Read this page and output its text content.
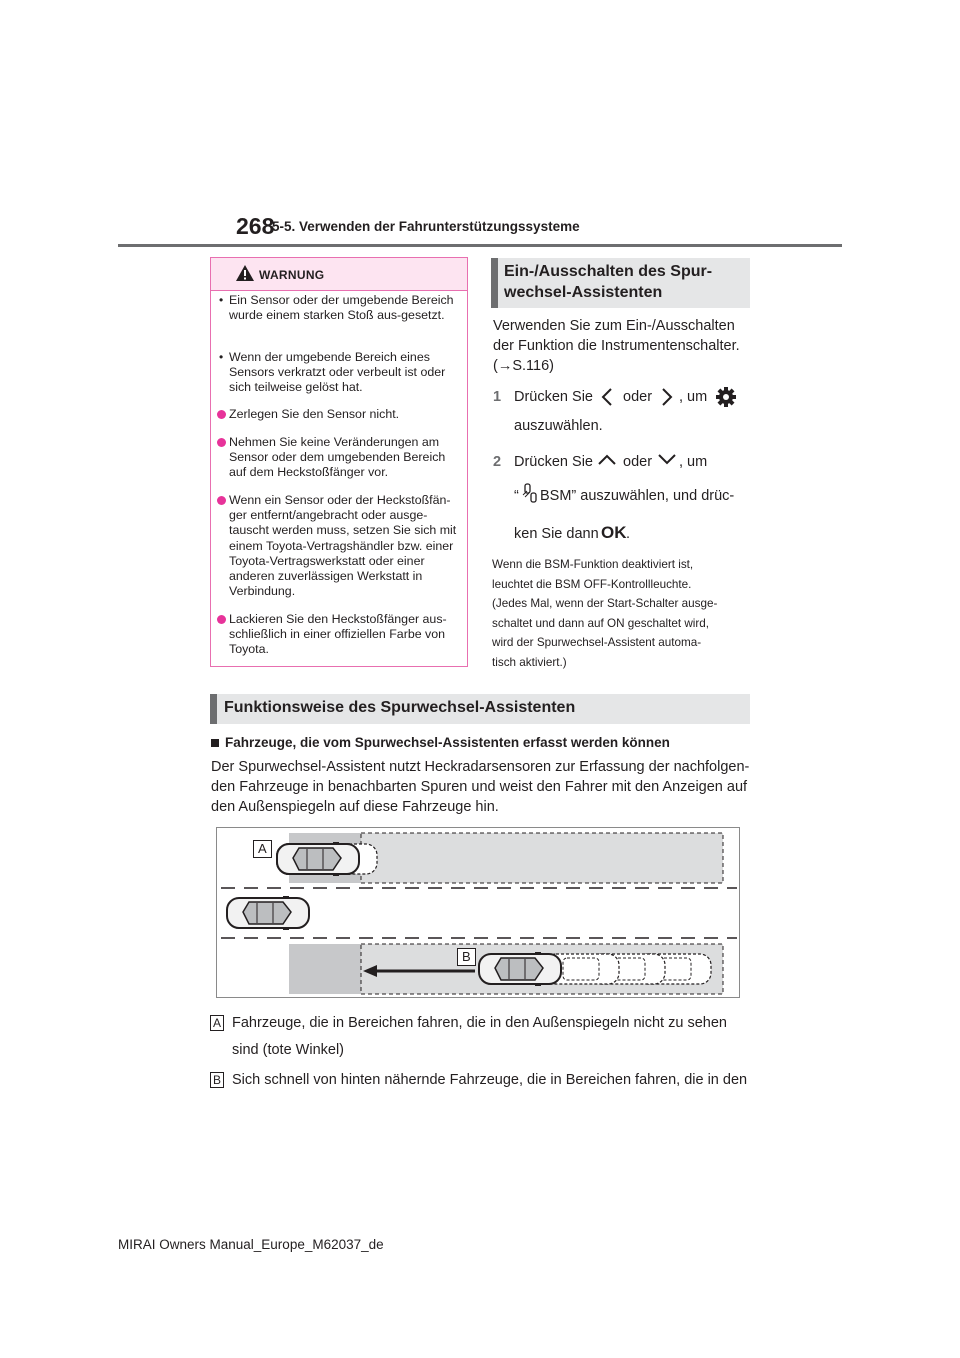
268
5-5. Verwenden der Fahrunterstützungssysteme
WARNUNG
• Ein Sensor oder der umgebende Bereich wurde einem starken Stoß aus-gesetzt.
• Wenn der umgebende Bereich eines Sensors verkratzt oder verbeult ist oder sich teilweise gelöst hat.
Zerlegen Sie den Sensor nicht.
Nehmen Sie keine Veränderungen am Sensor oder dem umgebenden Bereich auf dem Heckstoßfänger vor.
Wenn ein Sensor oder der Heckstoßfän-ger entfernt/angebracht oder ausge-tauscht werden muss, setzen Sie sich mit einem Toyota-Vertragshändler bzw. einer Toyota-Vertragswerkstatt oder einer anderen zuverlässigen Werkstatt in Verbindung.
Lackieren Sie den Heckstoßfänger aus-schließlich in einer offiziellen Farbe von Toyota.
Ein-/Ausschalten des Spur-
wechsel-Assistenten
Verwenden Sie zum Ein-/Ausschalten
der Funktion die Instrumentenschalter.
(→S.116)
1 Drücken Sie oder , um
auszuwählen.
2 Drücken Sie oder , um
“ BSM” auszuwählen, und drüc-
ken Sie dann OK .
Wenn die BSM-Funktion deaktiviert ist,
leuchtet die BSM OFF-Kontrollleuchte.
(Jedes Mal, wenn der Start-Schalter ausge-
schaltet und dann auf ON geschaltet wird,
wird der Spurwechsel-Assistent automa-
tisch aktiviert.)
Funktionsweise des Spurwechsel-Assistenten
Fahrzeuge, die vom Spurwechsel-Assistenten erfasst werden können
Der Spurwechsel-Assistent nutzt Heckradarsensoren zur Erfassung der nachfolgen-
den Fahrzeuge in benachbarten Spuren und weist den Fahrer mit den Anzeigen auf
den Außenspiegeln auf diese Fahrzeuge hin.
A
B
A Fahrzeuge, die in Bereichen fahren, die in den Außenspiegeln nicht zu sehen
sind (tote Winkel)
B Sich schnell von hinten nähernde Fahrzeuge, die in Bereichen fahren, die in den
MIRAI Owners Manual_Europe_M62037_de
